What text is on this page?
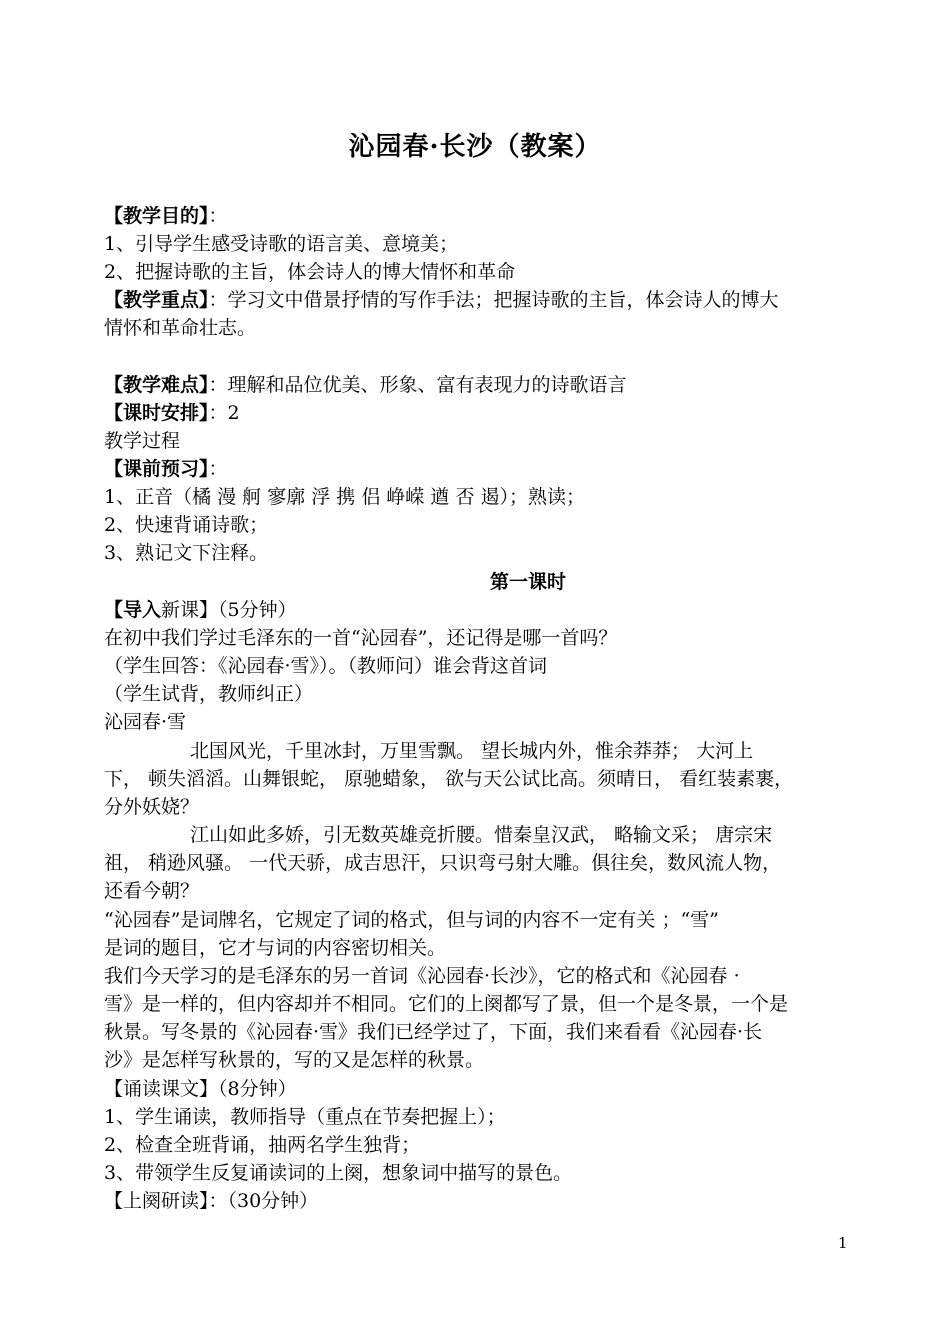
沁园春·长沙（教案）
【教学目的】：
1、引导学生感受诗歌的语言美、意境美；
2、把握诗歌的主旨，体会诗人的博大情怀和革命
【教学重点】：学习文中借景抒情的写作手法；把握诗歌的主旨，体会诗人的博大
情怀和革命壮志。
【教学难点】：理解和品位优美、形象、富有表现力的诗歌语言
【课时安排】：2
教学过程
【课前预习】：
1、正音（橘 漫 舸 寥廓 浮 携 侣 峥嵘 遒 否 遏）；熟读；
2、快速背诵诗歌；
3、熟记文下注释。
第一课时
【导入新课】（5分钟）
在初中我们学过毛泽东的一首“沁园春”，还记得是哪一首吗？
（学生回答：《沁园春·雪》）。（教师问）谁会背这首词
（学生试背，教师纠正）
沁园春·雪
北国风光，千里冰封，万里雪飘。 望长城内外，惟余莽莽； 大河上
下， 顿失滔滔。山舞银蛇， 原驰蜡象， 欲与天公试比高。须晴日， 看红装素裹，
分外妖娆？
江山如此多娇，引无数英雄竞折腰。惜秦皇汉武， 略输文采； 唐宗宋
祖， 稍逊风骚。 一代天骄，成吉思汗，只识弯弓射大雕。俱往矣，数风流人物，
还看今朝？
“沁园春”是词牌名，它规定了词的格式，但与词的内容不一定有关 ；“雪”
是词的题目，它才与词的内容密切相关。
我们今天学习的是毛泽东的另一首词《沁园春·长沙》，它的格式和《沁园春 ·
雪》是一样的，但内容却并不相同。它们的上阕都写了景，但一个是冬景，一个是
秋景。写冬景的《沁园春·雪》我们已经学过了，下面，我们来看看《沁园春·长
沙》是怎样写秋景的，写的又是怎样的秋景。
【诵读课文】（8分钟）
1、学生诵读，教师指导（重点在节奏把握上）；
2、检查全班背诵，抽两名学生独背；
3、带领学生反复诵读词的上阕，想象词中描写的景色。
【上阕研读】：（30分钟）
1
